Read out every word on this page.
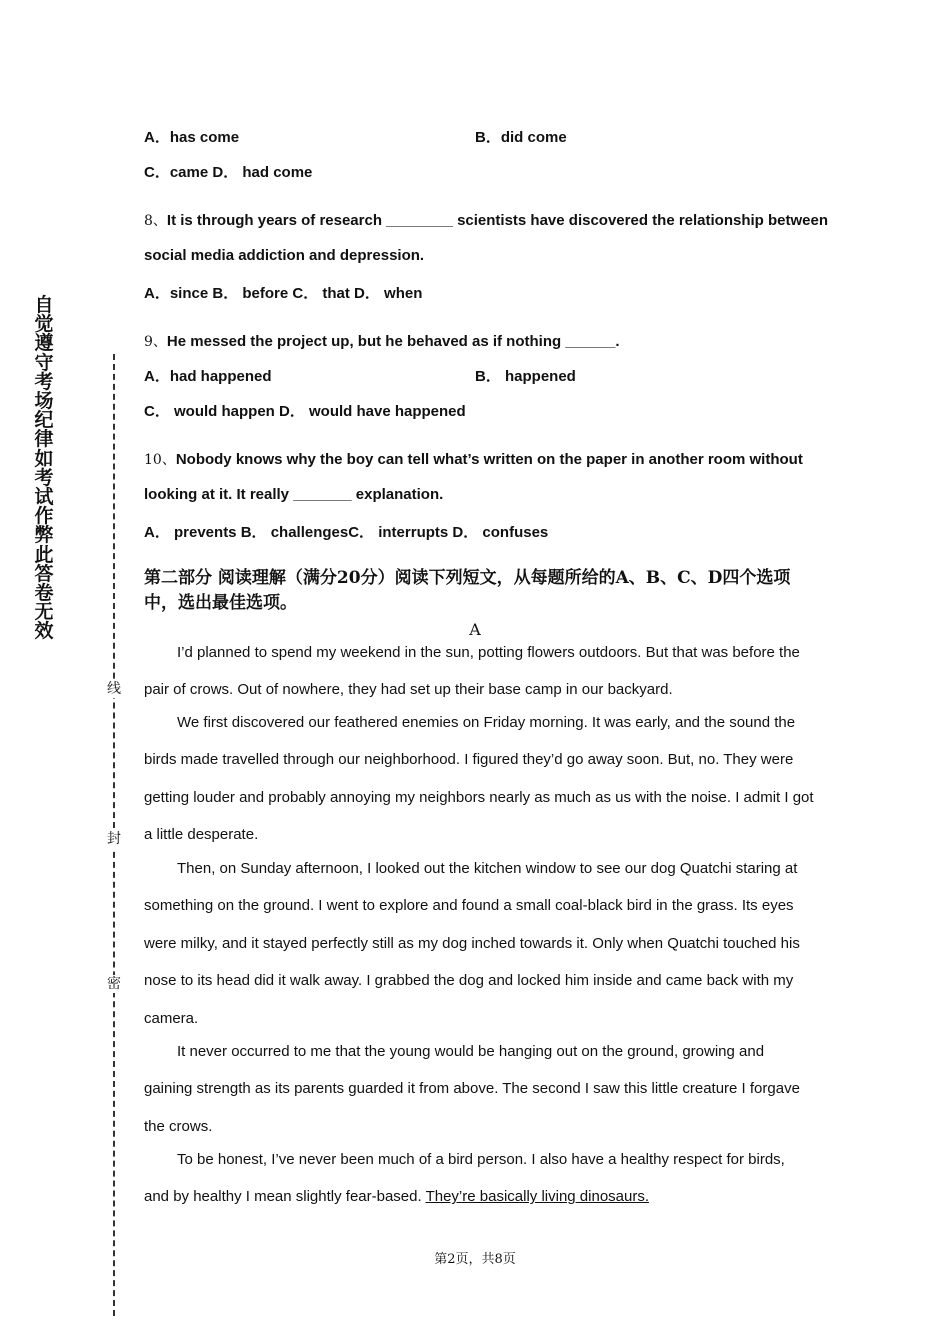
自觉遵守考场纪律如考试作弊此答卷无效
线
封
密
A．has come	B．did come
C．came D． had come
8、It is through years of research ________ scientists have discovered the relationship between
social media addiction and depression.
A．since B． before C． that D． when
9、He messed the project up, but he behaved as if nothing ______.
A．had happened	B． happened
C． would happen D． would have happened
10、Nobody knows why the boy can tell what’s written on the paper in another room without
looking at it. It really _______ explanation.
A． prevents B． challengesC． interrupts D． confuses
第二部分 阅读理解（满分20分）阅读下列短文，从每题所给的A、B、C、D四个选项中，选出最佳选项。
A

I’d planned to spend my weekend in the sun, potting flowers outdoors. But that was before the pair of crows. Out of nowhere, they had set up their base camp in our backyard.

We first discovered our feathered enemies on Friday morning. It was early, and the sound the birds made travelled through our neighborhood. I figured they’d go away soon. But, no. They were getting louder and probably annoying my neighbors nearly as much as us with the noise. I admit I got a little desperate.

Then, on Sunday afternoon, I looked out the kitchen window to see our dog Quatchi staring at something on the ground. I went to explore and found a small coal-black bird in the grass. Its eyes were milky, and it stayed perfectly still as my dog inched towards it. Only when Quatchi touched his nose to its head did it walk away. I grabbed the dog and locked him inside and came back with my camera.

It never occurred to me that the young would be hanging out on the ground, growing and gaining strength as its parents guarded it from above. The second I saw this little creature I forgave the crows.

To be honest, I’ve never been much of a bird person. I also have a healthy respect for birds, and by healthy I mean slightly fear-based. They’re basically living dinosaurs.

第2页，共8页
